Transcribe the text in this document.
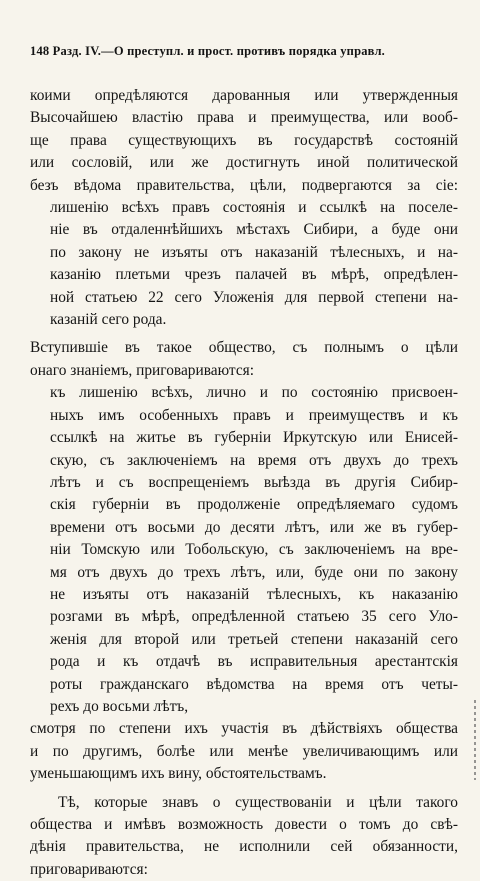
148 Разд. IV.—О преступл. и прост. противъ порядка управл.
коими опредѣляются дарованныя или утвержденныя
Высочайшею властію права и преимущества, или вооб-
ще права существующихъ въ государствѣ состояній
или сословій, или же достигнуть иной политической
безъ вѣдома правительства, цѣли, подвергаются за сіе:
лишенію всѣхъ правъ состоянія и ссылкѣ на поселе-
ніе въ отдаленнѣйшихъ мѣстахъ Сибири, а буде они
по закону не изъяты отъ наказаній тѣлесныхъ, и на-
казанію плетьми чрезъ палачей въ мѣрѣ, опредѣлен-
ной статьею 22 сего Уложенія для первой степени на-
казаній сего рода.
Вступившіе въ такое общество, съ полнымъ о цѣли
онаго знаніемъ, приговариваются:
къ лишенію всѣхъ, лично и по состоянію присвоен-
ныхъ имъ особенныхъ правъ и преимуществъ и къ
ссылкѣ на житье въ губерніи Иркутскую или Енисей-
скую, съ заключеніемъ на время отъ двухъ до трехъ
лѣтъ и съ воспрещеніемъ выѣзда въ другія Сибир-
скія губерніи въ продолженіе опредѣляемаго судомъ
времени отъ восьми до десяти лѣтъ, или же въ губер-
ніи Томскую или Тобольскую, съ заключеніемъ на вре-
мя отъ двухъ до трехъ лѣтъ, или, буде они по закону
не изъяты отъ наказаній тѣлесныхъ, къ наказанію
розгами въ мѣрѣ, опредѣленной статьею 35 сего Уло-
женія для второй или третьей степени наказаній сего
рода и къ отдачѣ въ исправительныя арестантскія
роты гражданскаго вѣдомства на время отъ четы-
рехъ до восьми лѣтъ,
смотря по степени ихъ участія въ дѣйствіяхъ общества
и по другимъ, болѣе или менѣе увеличивающимъ или
уменьшающимъ ихъ вину, обстоятельствамъ.
Тѣ, которые знавъ о существованіи и цѣли такого
общества и имѣвъ возможность довести о томъ до свѣ-
дѣнія правительства, не исполнили сей обязанности,
приговариваются:
